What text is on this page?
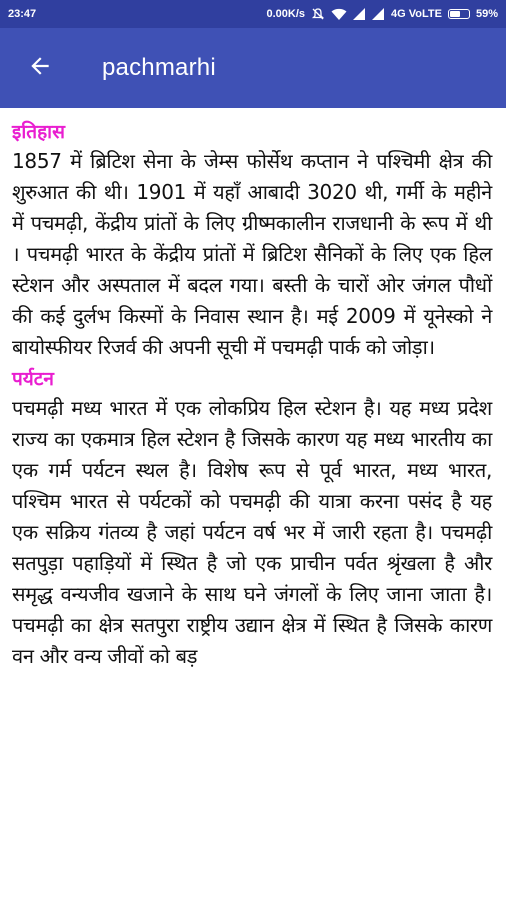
23:47	0.00K/s	4G VoLTE	59%
pachmarhi
इतिहास

1857 में ब्रिटिश सेना के जेम्स फोर्सेथ कप्तान ने पश्चिमी क्षेत्र की शुरुआत की थी। 1901 में यहाँ आबादी 3020 थी, गर्मी के महीने में पचमढ़ी, केंद्रीय प्रांतों के लिए ग्रीष्मकालीन राजधानी के रूप में थी । पचमढ़ी भारत के केंद्रीय प्रांतों में ब्रिटिश सैनिकों के लिए एक हिल स्टेशन और अस्पताल में बदल गया। बस्ती के चारों ओर जंगल पौधों की कई दुर्लभ किस्मों के निवास स्थान है। मई 2009 में यूनेस्को ने बायोस्फीयर रिजर्व की अपनी सूची में पचमढ़ी पार्क को जोड़ा।

पर्यटन

पचमढ़ी मध्य भारत में एक लोकप्रिय हिल स्टेशन है। यह मध्य प्रदेश राज्य का एकमात्र हिल स्टेशन है जिसके कारण यह मध्य भारतीय का एक गर्म पर्यटन स्थल है। विशेष रूप से पूर्व भारत, मध्य भारत, पश्चिम भारत से पर्यटकों को पचमढ़ी की यात्रा करना पसंद है यह एक सक्रिय गंतव्य है जहां पर्यटन वर्ष भर में जारी रहता है। पचमढ़ी सतपुड़ा पहाड़ियों में स्थित है जो एक प्राचीन पर्वत श्रृंखला है और समृद्ध वन्यजीव खजाने के साथ घने जंगलों के लिए जाना जाता है। पचमढ़ी का क्षेत्र सतपुरा राष्ट्रीय उद्यान क्षेत्र में स्थित है जिसके कारण वन और वन्य जीवों को बड़
